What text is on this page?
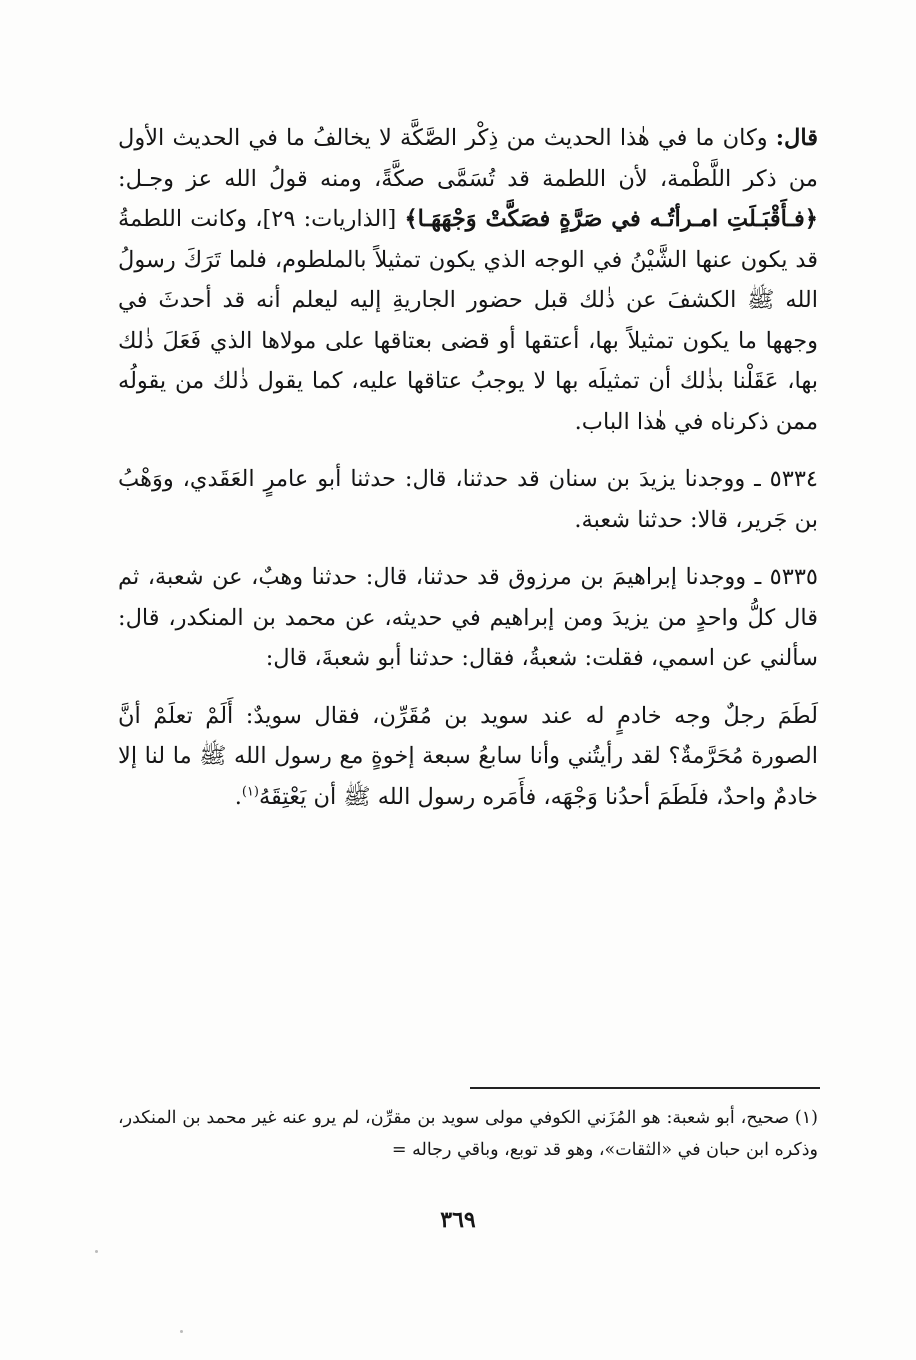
قال: وكان ما في هٰذا الحديث من ذِكْر الصَّكَّة لا يخالفُ ما في الحديث الأول من ذكر اللَّطْمة، لأن اللطمة قد تُسَمَّى صكَّةً، ومنه قولُ الله عز وجـل: ﴿فـأَقْبَـلَتِ امـرأتُـه في صَرَّةٍ فصَكَّتْ وَجْهَهَـا﴾ [الذاريات: ٢٩]، وكانت اللطمةُ قد يكون عنها الشَّيْنُ في الوجه الذي يكون تمثيلاً بالملطوم، فلما تَرَكَ رسولُ الله ﷺ الكشفَ عن ذٰلك قبل حضور الجاريةِ إليه ليعلم أنه قد أحدثَ في وجهها ما يكون تمثيلاً بها، أعتقها أو قضى بعتاقها على مولاها الذي فَعَلَ ذٰلك بها، عَقَلْنا بذٰلك أن تمثيلَه بها لا يوجبُ عتاقها عليه، كما يقول ذٰلك من يقولُه ممن ذكرناه في هٰذا الباب.

٥٣٣٤ ـ ووجدنا يزيدَ بن سنان قد حدثنا، قال: حدثنا أبو عامرٍ العَقَدي، ووَهْبُ بن جَرير، قالا: حدثنا شعبة.

٥٣٣٥ ـ ووجدنا إبراهيمَ بن مرزوق قد حدثنا، قال: حدثنا وهبٌ، عن شعبة، ثم قال كلُّ واحدٍ من يزيدَ ومن إبراهيم في حديثه، عن محمد بن المنكدر، قال: سألني عن اسمي، فقلت: شعبةُ، فقال: حدثنا أبو شعبةَ، قال:

لَطَمَ رجلٌ وجه خادمٍ له عند سويد بن مُقَرِّن، فقال سويدٌ: أَلَمْ تعلَمْ أنَّ الصورة مُحَرَّمةٌ؟ لقد رأيتُني وأنا سابعُ سبعة إخوةٍ مع رسول الله ﷺ ما لنا إلا خادمٌ واحدٌ، فلَطَمَ أحدُنا وَجْهَه، فأَمَره رسول الله ﷺ أن يَعْتِقَهُ$^{(١)}$.

(١) صحيح، أبو شعبة: هو المُزَني الكوفي مولى سويد بن مقرِّن، لم يرو عنه غير محمد بن المنكدر، وذكره ابن حبان في «الثقات»، وهو قد توبع، وباقي رجاله =

٣٦٩
